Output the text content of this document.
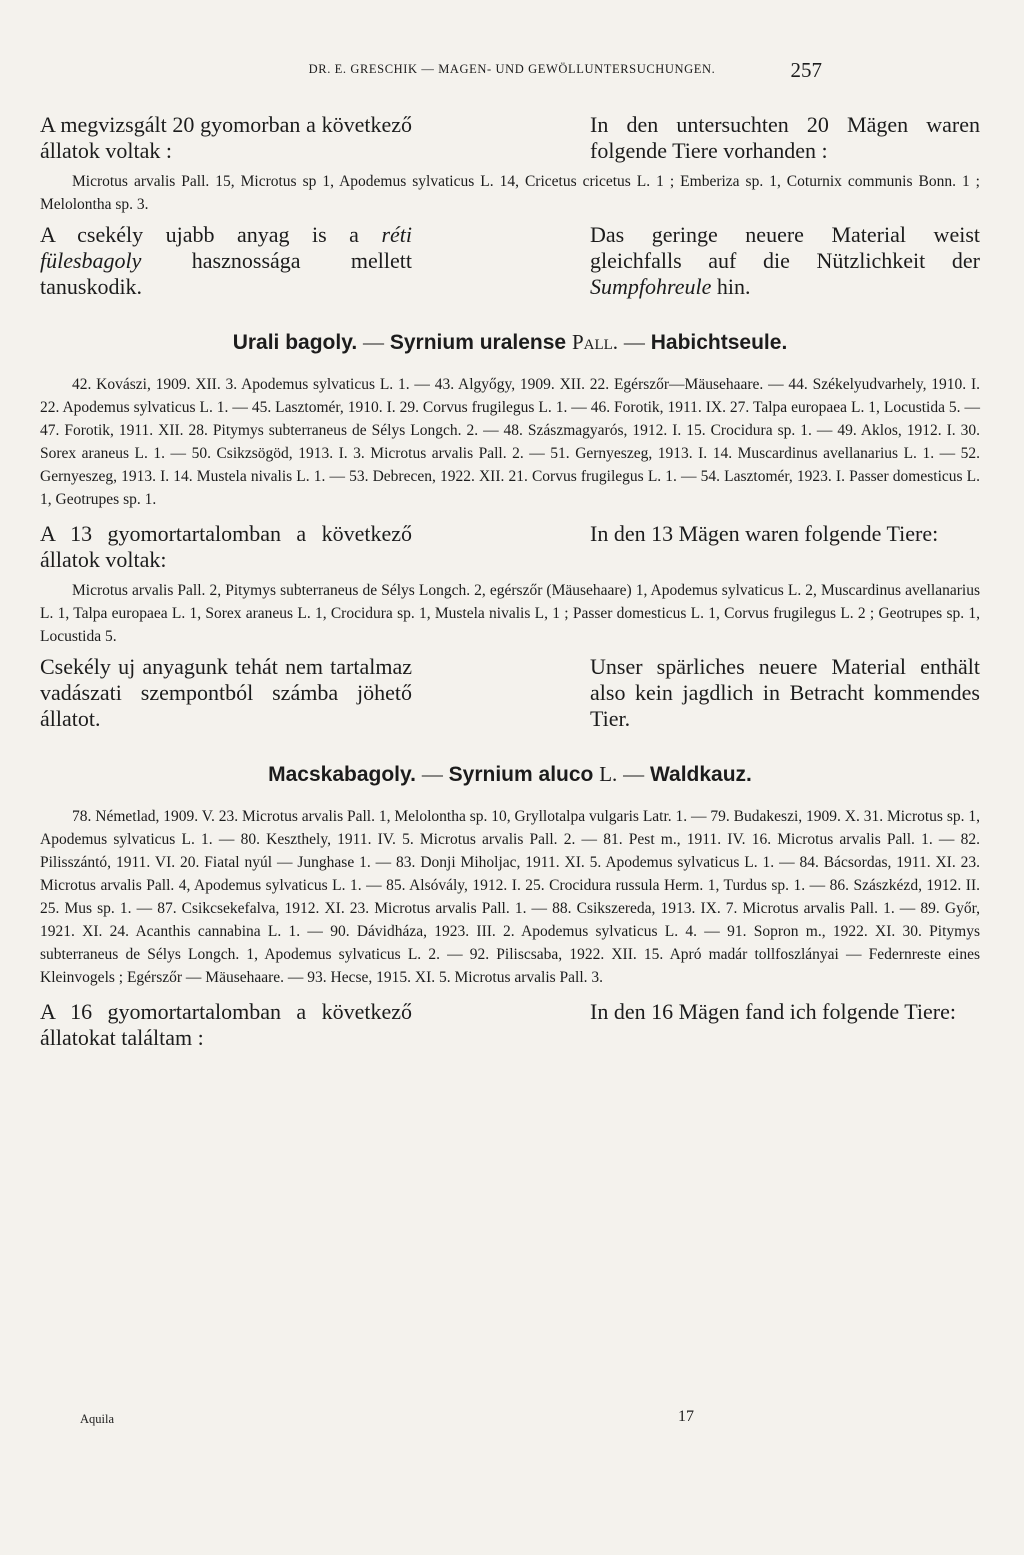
DR. E. GRESCHIK — MAGEN- UND GEWÖLLUNTERSUCHUNGEN.	257
A megvizsgált 20 gyomorban a következő állatok voltak :
In den untersuchten 20 Mägen waren folgende Tiere vorhanden :
Microtus arvalis Pall. 15, Microtus sp 1, Apodemus sylvaticus L. 14, Cricetus cricetus L. 1 ; Emberiza sp. 1, Coturnix communis Bonn. 1 ; Melolontha sp. 3.
A csekély ujabb anyag is a réti fülesbagoly hasznossága mellett tanuskodik.
Das geringe neuere Material weist gleichfalls auf die Nützlichkeit der Sumpfohreule hin.
Urali bagoly. — Syrnium uralense Pall. — Habichtseule.
42. Kovászi, 1909. XII. 3. Apodemus sylvaticus L. 1. — 43. Algyőgy, 1909. XII. 22. Egérszőr—Mäusehaare. — 44. Székelyudvarhely, 1910. I. 22. Apodemus sylvaticus L. 1. — 45. Lasztomér, 1910. I. 29. Corvus frugilegus L. 1. — 46. Forotik, 1911. IX. 27. Talpa europaea L. 1, Locustida 5. — 47. Forotik, 1911. XII. 28. Pitymys subterraneus de Sélys Longch. 2. — 48. Szászmagyarós, 1912. I. 15. Crocidura sp. 1. — 49. Aklos, 1912. I. 30. Sorex araneus L. 1. — 50. Csikzsögöd, 1913. I. 3. Microtus arvalis Pall. 2. — 51. Gernyeszeg, 1913. I. 14. Muscardinus avellanarius L. 1. — 52. Gernyeszeg, 1913. I. 14. Mustela nivalis L. 1. — 53. Debrecen, 1922. XII. 21. Corvus frugilegus L. 1. — 54. Lasztomér, 1923. I. Passer domesticus L. 1, Geotrupes sp. 1.
A 13 gyomortartalomban a következő állatok voltak:
In den 13 Mägen waren folgende Tiere:
Microtus arvalis Pall. 2, Pitymys subterraneus de Sélys Longch. 2, egérszőr (Mäusehaare) 1, Apodemus sylvaticus L. 2, Muscardinus avellanarius L. 1, Talpa europaea L. 1, Sorex araneus L. 1, Crocidura sp. 1, Mustela nivalis L, 1 ; Passer domesticus L. 1, Corvus frugilegus L. 2 ; Geotrupes sp. 1, Locustida 5.
Csekély uj anyagunk tehát nem tartalmaz vadászati szempontból számba jöhető állatot.
Unser spärliches neuere Material enthält also kein jagdlich in Betracht kommendes Tier.
Macskabagoly. — Syrnium aluco L. — Waldkauz.
78. Németlad, 1909. V. 23. Microtus arvalis Pall. 1, Melolontha sp. 10, Gryllotalpa vulgaris Latr. 1. — 79. Budakeszi, 1909. X. 31. Microtus sp. 1, Apodemus sylvaticus L. 1. — 80. Keszthely, 1911. IV. 5. Microtus arvalis Pall. 2. — 81. Pest m., 1911. IV. 16. Microtus arvalis Pall. 1. — 82. Pilisszántó, 1911. VI. 20. Fiatal nyúl — Junghase 1. — 83. Donji Miholjac, 1911. XI. 5. Apodemus sylvaticus L. 1. — 84. Bácsordas, 1911. XI. 23. Microtus arvalis Pall. 4, Apodemus sylvaticus L. 1. — 85. Alsóvály, 1912. I. 25. Crocidura russula Herm. 1, Turdus sp. 1. — 86. Szászkézd, 1912. II. 25. Mus sp. 1. — 87. Csikcsekefalva, 1912. XI. 23. Microtus arvalis Pall. 1. — 88. Csikszereda, 1913. IX. 7. Microtus arvalis Pall. 1. — 89. Győr, 1921. XI. 24. Acanthis cannabina L. 1. — 90. Dávidháza, 1923. III. 2. Apodemus sylvaticus L. 4. — 91. Sopron m., 1922. XI. 30. Pitymys subterraneus de Sélys Longch. 1, Apodemus sylvaticus L. 2. — 92. Piliscsaba, 1922. XII. 15. Apró madár tollfoszlányai — Federnreste eines Kleinvogels ; Egérszőr — Mäusehaare. — 93. Hecse, 1915. XI. 5. Microtus arvalis Pall. 3.
A 16 gyomortartalomban a következő állatokat találtam :
In den 16 Mägen fand ich folgende Tiere:
Aquila	17
